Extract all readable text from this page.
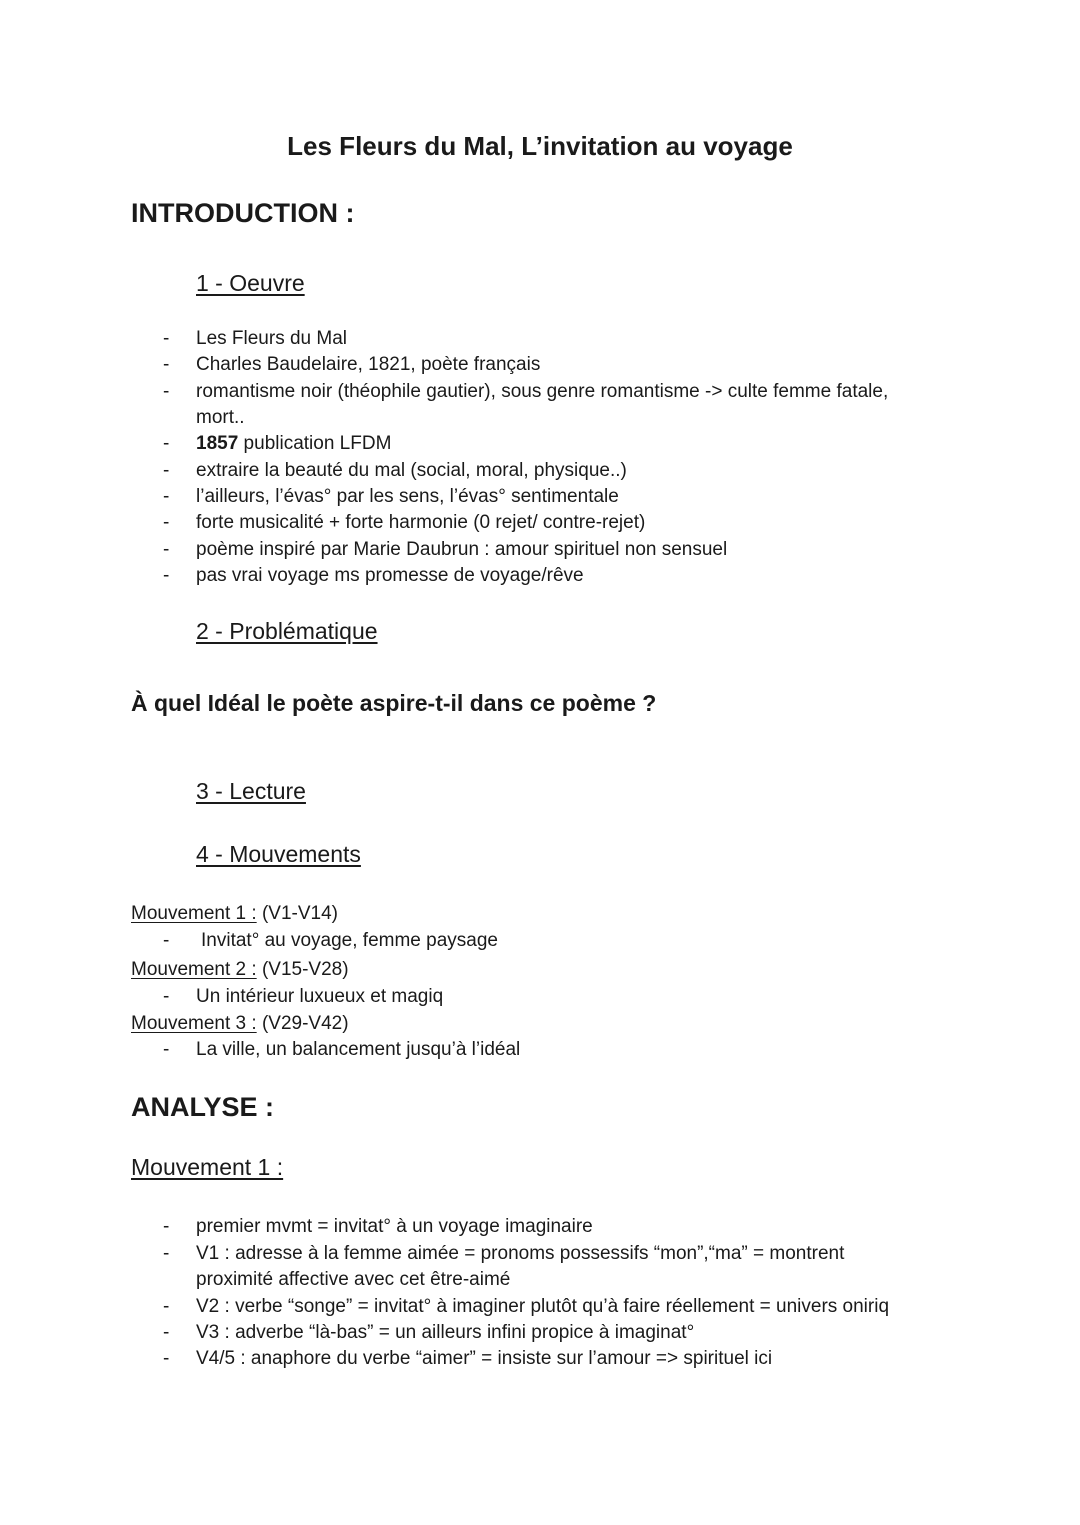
Les Fleurs du Mal, L’invitation au voyage
INTRODUCTION :
1 - Oeuvre
- Les Fleurs du Mal
- Charles Baudelaire, 1821, poète français
- romantisme noir (théophile gautier), sous genre romantisme -> culte femme fatale,
mort..
- 1857 publication LFDM
- extraire la beauté du mal (social, moral, physique..)
- l’ailleurs, l’évas° par les sens, l’évas° sentimentale
- forte musicalité + forte harmonie (0 rejet/ contre-rejet)
- poème inspiré par Marie Daubrun : amour spirituel non sensuel
- pas vrai voyage ms promesse de voyage/rêve
2 - Problématique
À quel Idéal le poète aspire-t-il dans ce poème ?
3 - Lecture
4 - Mouvements
Mouvement 1 : (V1-V14)
- Invitat° au voyage, femme paysage
Mouvement 2 : (V15-V28)
- Un intérieur luxueux et magiq
Mouvement 3 : (V29-V42)
- La ville, un balancement jusqu’à l’idéal
ANALYSE :
Mouvement 1 :
- premier mvmt = invitat° à un voyage imaginaire
- V1 : adresse à la femme aimée = pronoms possessifs “mon”,“ma” = montrent
proximité affective avec cet être-aimé
- V2 : verbe “songe” = invitat° à imaginer plutôt qu’à faire réellement = univers oniriq
- V3 : adverbe “là-bas” = un ailleurs infini propice à imaginat°
- V4/5 : anaphore du verbe “aimer” = insiste sur l’amour => spirituel ici
